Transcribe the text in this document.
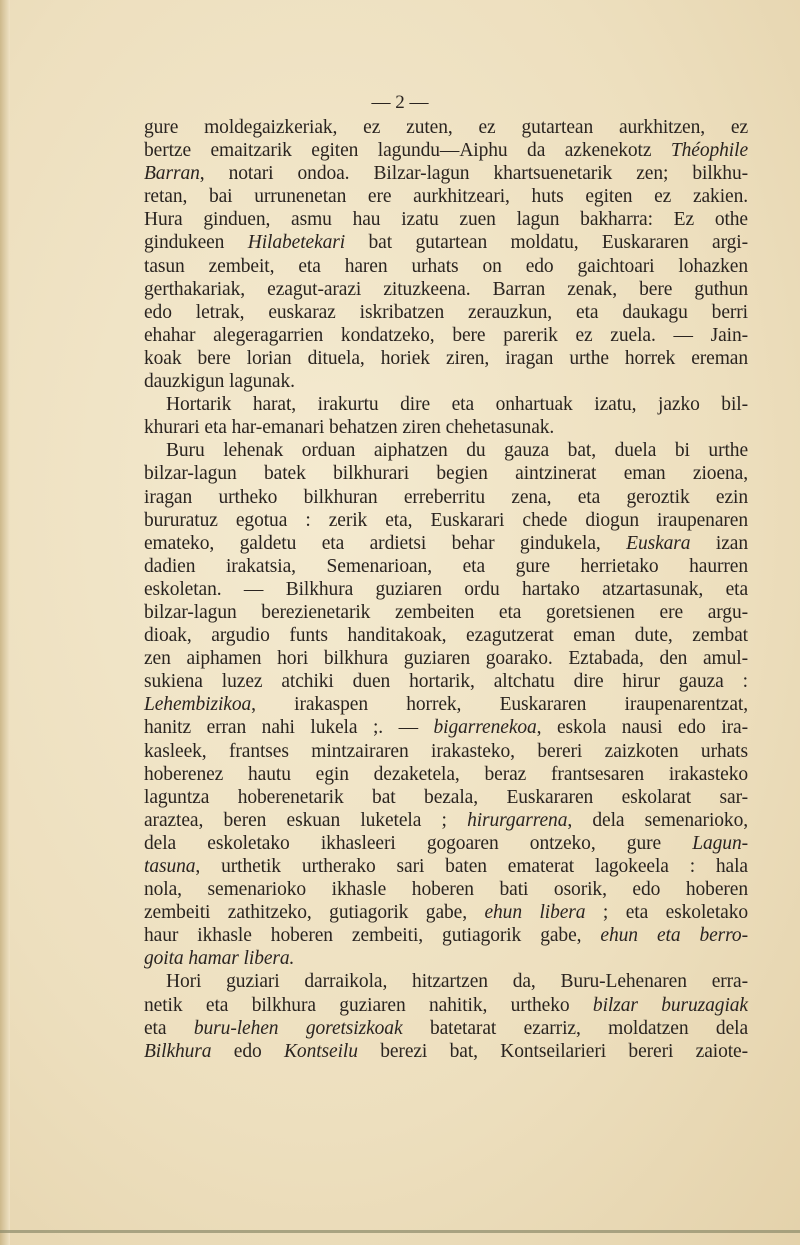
— 2 —
gure moldegaizkeriak, ez zuten, ez gutartean aurkhitzen, ez
bertze emaitzarik egiten lagundu—Aiphu da azkenekotz Théophile
Barran, notari ondoa. Bilzar-lagun khartsuenetarik zen; bilkhu-
retan, bai urrunenetan ere aurkhitzeari, huts egiten ez zakien.
Hura ginduen, asmu hau izatu zuen lagun bakharra: Ez othe
gindukeen Hilabetekari bat gutartean moldatu, Euskararen argi-
tasun zembeit, eta haren urhats on edo gaichtoari lohazken
gerthakariak, ezagut-arazi zituzkeena. Barran zenak, bere guthun
edo letrak, euskaraz iskribatzen zerauzkun, eta daukagu berri
ehahar alegeragarrien kondatzeko, bere parerik ez zuela. — Jain-
koak bere lorian dituela, horiek ziren, iragan urthe horrek ereman
dauzkigun lagunak.
Hortarik harat, irakurtu dire eta onhartuak izatu, jazko bil-
khurari eta har-emanari behatzen ziren chehetasunak.
Buru lehenak orduan aiphatzen du gauza bat, duela bi urthe
bilzar-lagun batek bilkhurari begien aintzinerat eman zioena,
iragan urtheko bilkhuran erreberritu zena, eta geroztik ezin
bururatuz egotua : zerik eta, Euskarari chede diogun iraupenaren
emateko, galdetu eta ardietsi behar gindukela, Euskara izan
dadien irakatsia, Semenarioan, eta gure herrietako haurren
eskoletan. — Bilkhura guziaren ordu hartako atzartasunak, eta
bilzar-lagun berezienetarik zembeiten eta goretsienen ere argu-
dioak, argudio funts handitakoak, ezagutzerat eman dute, zembat
zen aiphamen hori bilkhura guziaren goarako. Eztabada, den amul-
sukiena luzez atchiki duen hortarik, altchatu dire hirur gauza :
Lehembizikoa, irakaspen horrek, Euskararen iraupenarentzat,
hanitz erran nahi lukela ;. — bigarrenekoa, eskola nausi edo ira-
kasleek, frantses mintzairaren irakasteko, bereri zaizkoten urhats
hoberenez hautu egin dezaketela, beraz frantsesaren irakasteko
laguntza hoberenetarik bat bezala, Euskararen eskolarat sar-
araztea, beren eskuan luketela ; hirurgarrena, dela semenarioko,
dela eskoletako ikhasleeri gogoaren ontzeko, gure Lagun-
tasuna, urthetik urtherako sari baten ematerat lagokeela : hala
nola, semenarioko ikhasle hoberen bati osorik, edo hoberen
zembeiti zathitzeko, gutiagorik gabe, ehun libera ; eta eskoletako
haur ikhasle hoberen zembeiti, gutiagorik gabe, ehun eta berro-
goita hamar libera.
Hori guziari darraikola, hitzartzen da, Buru-Lehenaren erra-
netik eta bilkhura guziaren nahitik, urtheko bilzar buruzagiak
eta buru-lehen goretsizkoak batetarat ezarriz, moldatzen dela
Bilkhura edo Kontseilu berezi bat, Kontseilarieri bereri zaiote-
